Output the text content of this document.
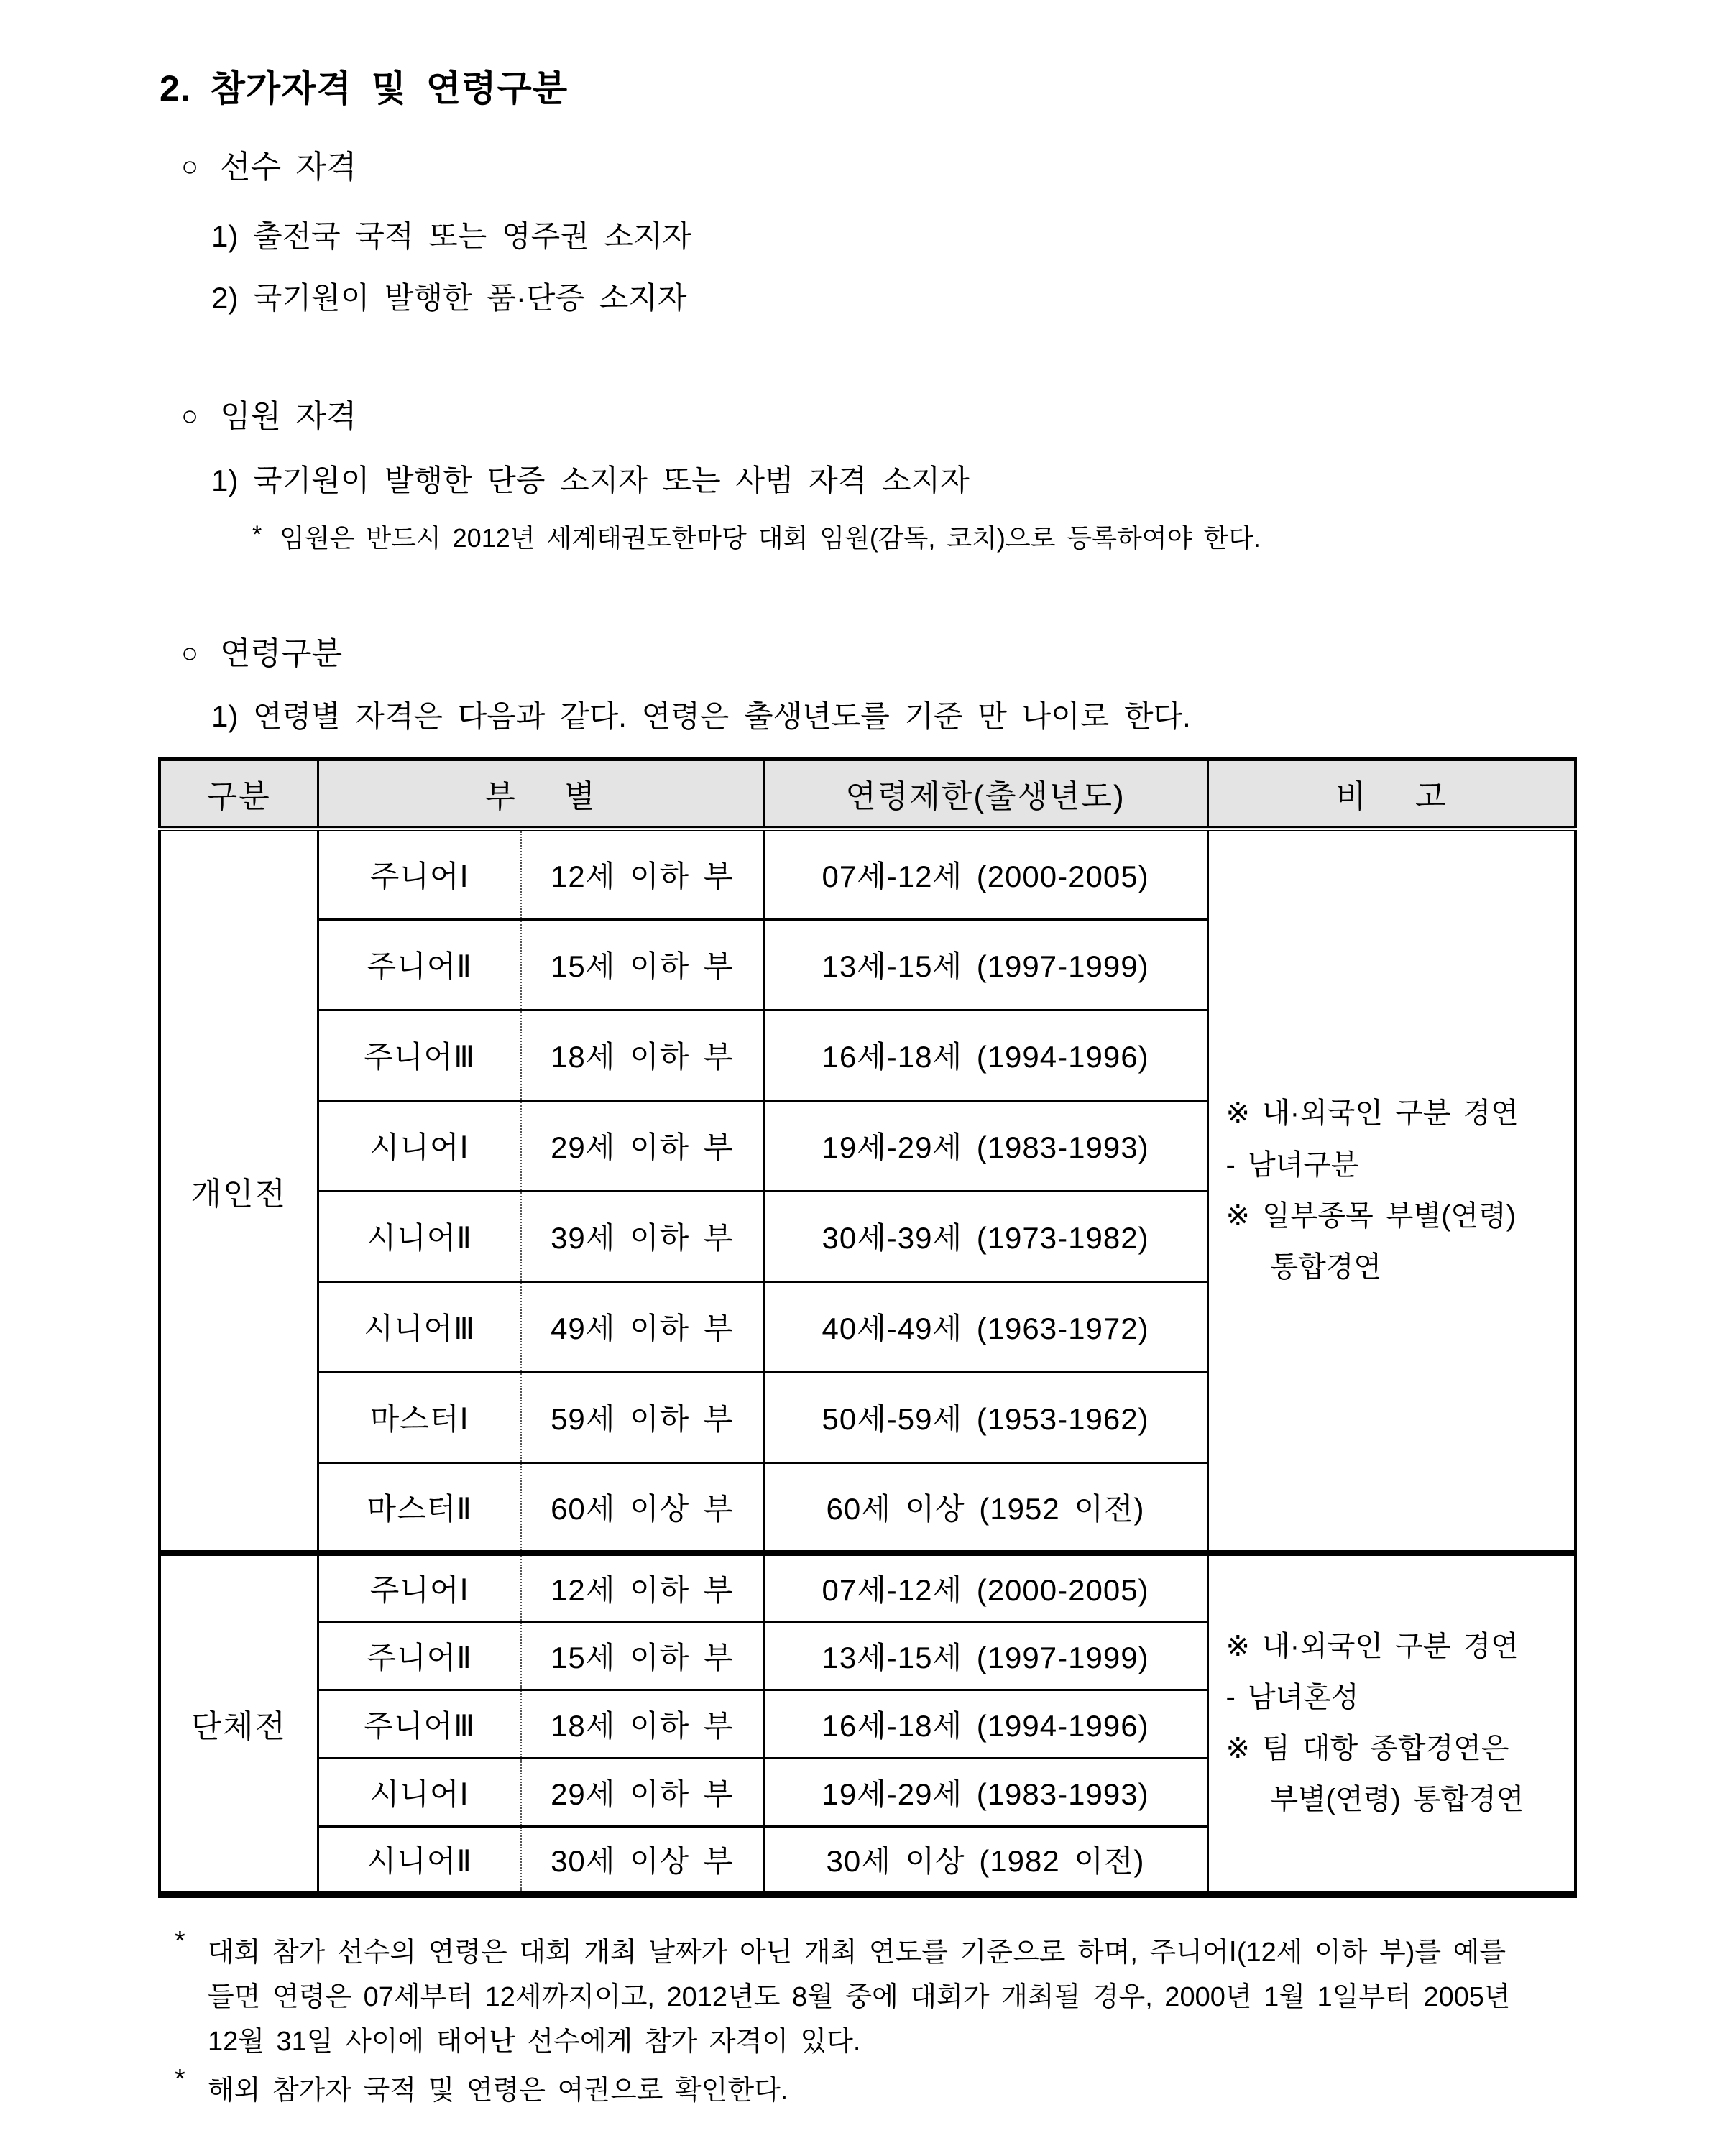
2. 참가자격 및 연령구분
○ 선수 자격
1) 출전국 국적 또는 영주권 소지자
2) 국기원이 발행한 품·단증 소지자
○ 임원 자격
1) 국기원이 발행한 단증 소지자 또는 사범 자격 소지자
* 임원은 반드시 2012년 세계태권도한마당 대회 임원(감독, 코치)으로 등록하여야 한다.
○ 연령구분
1) 연령별 자격은 다음과 같다. 연령은 출생년도를 기준 만 나이로 한다.
구분	부 별		연령제한(출생년도)	비 고
개인전	주니어Ⅰ	12세 이하 부	07세-12세 (2000-2005)	※ 내·외국인 구분 경연
- 남녀구분
※ 일부종목 부별(연령)
통합경연

	주니어Ⅱ	15세 이하 부	13세-15세 (1997-1999)	
	주니어Ⅲ	18세 이하 부	16세-18세 (1994-1996)	
	시니어Ⅰ	29세 이하 부	19세-29세 (1983-1993)	
	시니어Ⅱ	39세 이하 부	30세-39세 (1973-1982)	
	시니어Ⅲ	49세 이하 부	40세-49세 (1963-1972)	
	마스터Ⅰ	59세 이하 부	50세-59세 (1953-1962)	
	마스터Ⅱ	60세 이상 부	60세 이상 (1952 이전)	
단체전	주니어Ⅰ	12세 이하 부	07세-12세 (2000-2005)	※ 내·외국인 구분 경연
- 남녀혼성
※ 팀 대항 종합경연은
부별(연령) 통합경연

	주니어Ⅱ	15세 이하 부	13세-15세 (1997-1999)	
	주니어Ⅲ	18세 이하 부	16세-18세 (1994-1996)	
	시니어Ⅰ	29세 이하 부	19세-29세 (1983-1993)	
	시니어Ⅱ	30세 이상 부	30세 이상 (1982 이전)	
* 대회 참가 선수의 연령은 대회 개최 날짜가 아닌 개최 연도를 기준으로 하며, 주니어Ⅰ(12세 이하 부)를 예를
들면 연령은 07세부터 12세까지이고, 2012년도 8월 중에 대회가 개최될 경우, 2000년 1월 1일부터 2005년
12월 31일 사이에 태어난 선수에게 참가 자격이 있다.
* 해외 참가자 국적 및 연령은 여권으로 확인한다.
